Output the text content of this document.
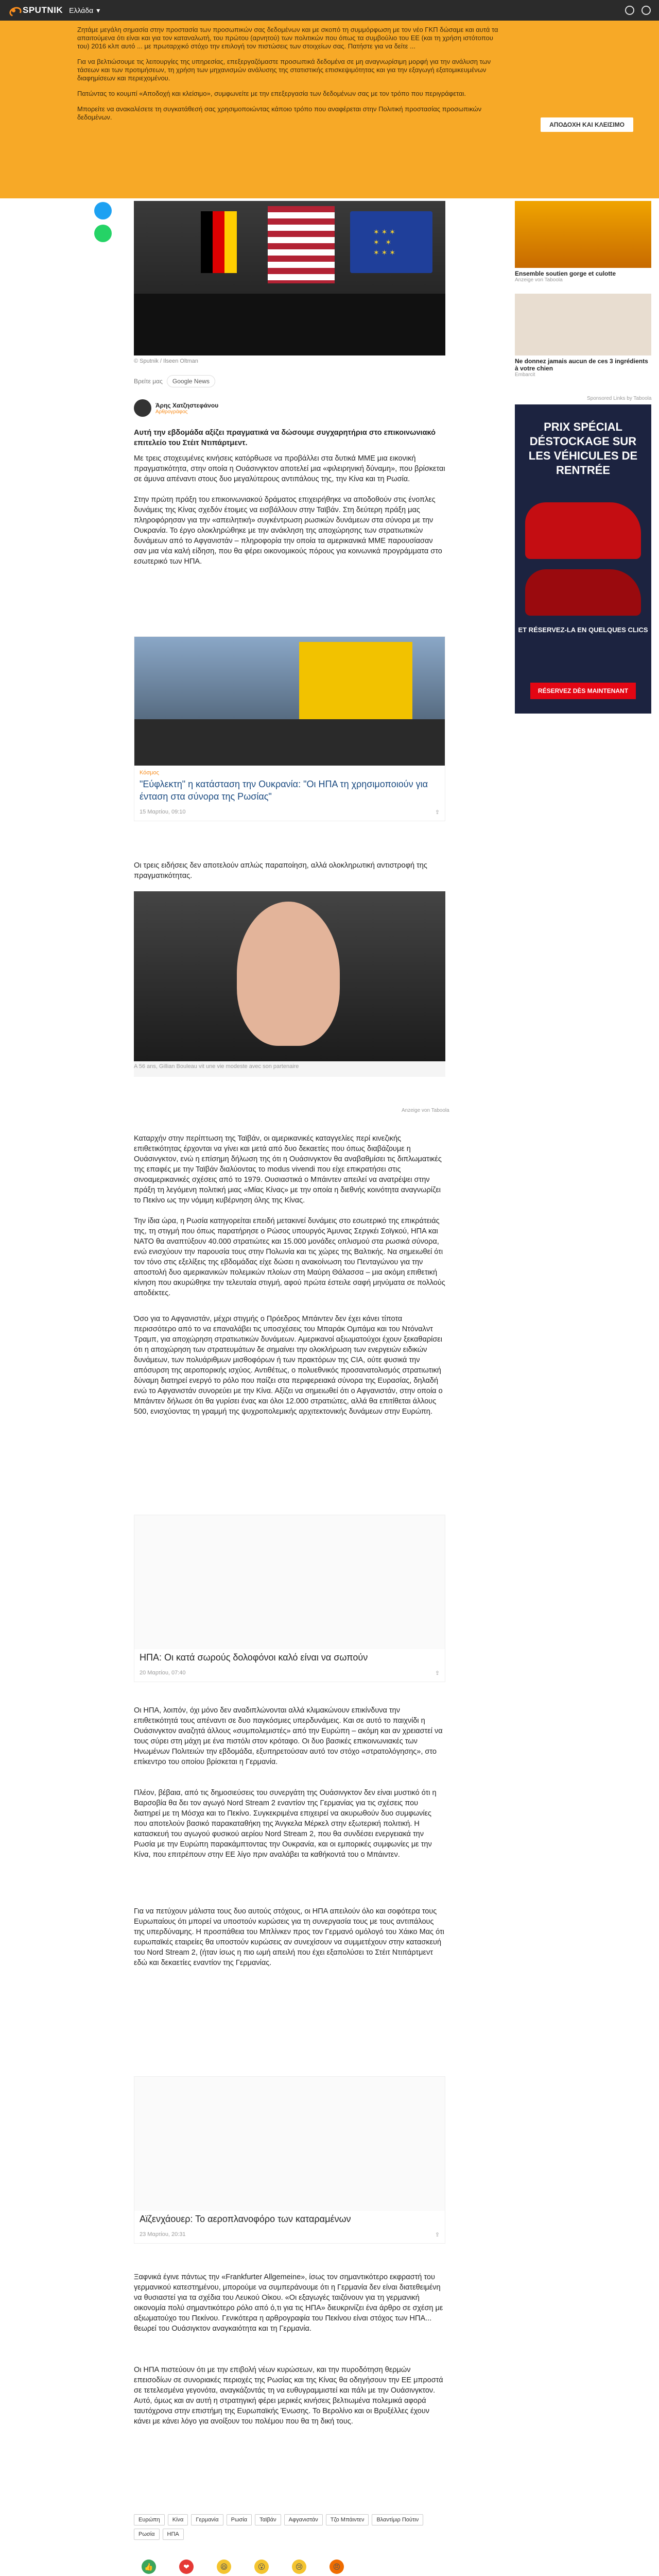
SPUTNIK Ελλάδα ▾

Ζητάμε μεγάλη σημασία στην προστασία των προσωπικών σας δεδομένων και με σκοπό τη συμμόρφωση με τον νέο ΓΚΠ δώσαμε και αυτά τα απαιτούμενα ότι είναι και για τον καταναλωτή, του πρώτου (αρνητού) των πολιτικών που όπως τα συμβούλιο του ΕΕ (και τη χρήση ιστότοπου του) 2016 κλπ αυτό ... με πρωταρχικό στόχο την επιλογή τον πιστώσεις των στοιχείων σας. Πατήστε για να δείτε ...

Για να βελτιώσουμε τις λειτουργίες της υπηρεσίας, επεξεργαζόμαστε προσωπικά δεδομένα σε μη αναγνωρίσιμη μορφή για την ανάλυση των τάσεων και των προτιμήσεων, τη χρήση των μηχανισμών ανάλυσης της στατιστικής επισκεψιμότητας και για την εξαγωγή εξατομικευμένων διαφημίσεων και περιεχομένου.

Πατώντας το κουμπί «Αποδοχή και κλείσιμο», συμφωνείτε με την επεξεργασία των δεδομένων σας με τον τρόπο που περιγράφεται.

Μπορείτε να ανακαλέσετε τη συγκατάθεσή σας χρησιμοποιώντας κάποιο τρόπο που αναφέρεται στην Πολιτική προστασίας προσωπικών δεδομένων.

ΑΠΟΔΟΧΗ ΚΑΙ ΚΛΕΙΣΙΜΟ
✶ ✶ ✶ ✶ ✶ ✶ ✶ ✶
© Sputnik / Ilseen Oltman
Βρείτε μας	Google News
Άρης Χατζηστεφάνου
Αρθρογράφος
Αυτή την εβδομάδα αξίζει πραγματικά να δώσουμε συγχαρητήρια στο επικοινωνιακό επιτελείο του Στέιτ Ντιπάρτμεντ.
Με τρεις στοχευμένες κινήσεις κατόρθωσε να προβάλλει στα δυτικά ΜΜΕ μια εικονική πραγματικότητα, στην οποία η Ουάσινγκτον αποτελεί μια «φιλειρηνική δύναμη», που βρίσκεται σε άμυνα απέναντι στους δυο μεγαλύτερους αντιπάλους της, την Κίνα και τη Ρωσία.
Στην πρώτη πράξη του επικοινωνιακού δράματος επιχειρήθηκε να αποδοθούν στις ένοπλες δυνάμεις της Κίνας σχεδόν έτοιμες να εισβάλλουν στην Ταϊβάν. Στη δεύτερη πράξη μας πληροφόρησαν για την «απειλητική» συγκέντρωση ρωσικών δυνάμεων στα σύνορα με την Ουκρανία. Το έργο ολοκληρώθηκε με την ανάκληση της αποχώρησης των στρατιωτικών δυνάμεων από το Αφγανιστάν – πληροφορία την οποία τα αμερικανικά ΜΜΕ παρουσίασαν σαν μια νέα καλή είδηση, που θα φέρει οικονομικούς πόρους για κοινωνικά προγράμματα στο εσωτερικό των ΗΠΑ.
Κόσμος
"Εύφλεκτη" η κατάσταση την Ουκρανία: "Οι ΗΠΑ τη χρησιμοποιούν για ένταση στα σύνορα της Ρωσίας"
15 Μαρτίου, 09:10	⇪
Οι τρεις ειδήσεις δεν αποτελούν απλώς παραποίηση, αλλά ολοκληρωτική αντιστροφή της πραγματικότητας.
A 56 ans, Gillian Bouleau vit une vie modeste avec son partenaire
Anzeige von Taboola
Καταρχήν στην περίπτωση της Ταϊβάν, οι αμερικανικές καταγγελίες περί κινεζικής επιθετικότητας έρχονται να γίνει και μετά από δυο δεκαετίες που όπως διαβάζουμε η Ουάσινγκτον, ενώ η επίσημη δήλωση της ότι η Ουάσινγκτον θα αναβαθμίσει τις διπλωματικές της επαφές με την Ταϊβάν διαλύοντας το modus vivendi που είχε επικρατήσει στις σινοαμερικανικές σχέσεις από το 1979. Ουσιαστικά ο Μπάιντεν απειλεί να ανατρέψει στην πράξη τη λεγόμενη πολιτική μιας «Μίας Κίνας» με την οποία η διεθνής κοινότητα αναγνωρίζει το Πεκίνο ως την νόμιμη κυβέρνηση όλης της Κίνας.
Την ίδια ώρα, η Ρωσία κατηγορείται επειδή μετακινεί δυνάμεις στο εσωτερικό της επικράτειάς της, τη στιγμή που όπως παρατήρησε ο Ρώσος υπουργός Άμυνας Σεργκέι Σοϊγκού, ΗΠΑ και ΝΑΤΟ θα αναπτύξουν 40.000 στρατιώτες και 15.000 μονάδες οπλισμού στα ρωσικά σύνορα, ενώ ενισχύουν την παρουσία τους στην Πολωνία και τις χώρες της Βαλτικής. Να σημειωθεί ότι τον τόνο στις εξελίξεις της εβδομάδας είχε δώσει η ανακοίνωση του Πενταγώνου για την αποστολή δυο αμερικανικών πολεμικών πλοίων στη Μαύρη Θάλασσα – μια ακόμη επιθετική κίνηση που ακυρώθηκε την τελευταία στιγμή, αφού πρώτα έστειλε σαφή μηνύματα σε πολλούς αποδέκτες.
Όσο για το Αφγανιστάν, μέχρι στιγμής ο Πρόεδρος Μπάιντεν δεν έχει κάνει τίποτα περισσότερο από το να επαναλάβει τις υποσχέσεις του Μπαράκ Ομπάμα και του Ντόναλντ Τραμπ, για αποχώρηση στρατιωτικών δυνάμεων. Αμερικανοί αξιωματούχοι έχουν ξεκαθαρίσει ότι η αποχώρηση των στρατευμάτων δε σημαίνει την ολοκλήρωση των ενεργειών ειδικών δυνάμεων, των πολυάριθμων μισθοφόρων ή των πρακτόρων της CIA, ούτε φυσικά την απόσυρση της αεροπορικής ισχύος. Αντιθέτως, ο πολυεθνικός προσανατολισμός στρατιωτική δύναμη διατηρεί ενεργό το ρόλο που παίζει στα περιφερειακά σύνορα της Ευρασίας, δηλαδή ενώ το Αφγανιστάν συνορεύει με την Κίνα. Αξίζει να σημειωθεί ότι ο Αφγανιστάν, στην οποία ο Μπάιντεν δήλωσε ότι θα γυρίσει ένας και όλοι 12.000 στρατιώτες, αλλά θα επιτίθεται άλλους 500, ενισχύοντας τη γραμμή της ψυχροπολεμικής αρχιτεκτονικής δυνάμεων στην Ευρώπη.
ΗΠΑ: Οι κατά σωρούς δολοφόνοι καλό είναι να σωπούν
20 Μαρτίου, 07:40	⇪
Οι ΗΠΑ, λοιπόν, όχι μόνο δεν αναδιπλώνονται αλλά κλιμακώνουν επικίνδυνα την επιθετικότητά τους απέναντι σε δυο παγκόσμιες υπερδυνάμεις. Και σε αυτό το παιχνίδι η Ουάσινγκτον αναζητά άλλους «συμπολεμιστές» από την Ευρώπη – ακόμη και αν χρειαστεί να τους σύρει στη μάχη με ένα πιστόλι στον κρόταφο. Οι δυο βασικές επικοινωνιακές των Ηνωμένων Πολιτειών την εβδομάδα, εξυπηρετούσαν αυτό τον στόχο «στρατολόγησης», στο επίκεντρο του οποίου βρίσκεται η Γερμανία.
Πλέον, βέβαια, από τις δημοσιεύσεις του συνεργάτη της Ουάσινγκτον δεν είναι μυστικό ότι η Βαρσοβία θα δει τον αγωγό Nord Stream 2 εναντίον της Γερμανίας για τις σχέσεις που διατηρεί με τη Μόσχα και το Πεκίνο. Συγκεκριμένα επιχειρεί να ακυρωθούν δυο συμφωνίες που αποτελούν βασικό παρακαταθήκη της Άνγκελα Μέρκελ στην εξωτερική πολιτική. Η κατασκευή του αγωγού φυσικού αερίου Nord Stream 2, που θα συνδέσει ενεργειακά την Ρωσία με την Ευρώπη παρακάμπτοντας την Ουκρανία, και οι εμπορικές συμφωνίες με την Κίνα, που επιτρέπουν στην ΕΕ λίγο πριν αναλάβει τα καθήκοντά του ο Μπάιντεν.
Για να πετύχουν μάλιστα τους δυο αυτούς στόχους, οι ΗΠΑ απειλούν όλο και σοφότερα τους Ευρωπαίους ότι μπορεί να υποστούν κυρώσεις για τη συνεργασία τους με τους αντιπάλους της υπερδύναμης. Η προσπάθεια του Μπλίνκεν προς τον Γερμανό ομόλογό του Χάικο Μας ότι ευρωπαϊκές εταιρείες θα υποστούν κυρώσεις αν συνεχίσουν να συμμετέχουν στην κατασκευή του Nord Stream 2, (ήταν ίσως η πιο ωμή απειλή που έχει εξαπολύσει το Στέιτ Ντιπάρτμεντ εδώ και δεκαετίες εναντίον της Γερμανίας.
Αϊζενχάουερ: Το αεροπλανοφόρο των καταραμένων
23 Μαρτίου, 20:31	⇪
Ξαφνικά έγινε πάντως την «Frankfurter Allgemeine», ίσως τον σημαντικότερο εκφραστή του γερμανικού κατεστημένου, μπορούμε να συμπεράνουμε ότι η Γερμανία δεν είναι διατεθειμένη να θυσιαστεί για τα σχέδια του Λευκού Οίκου. «Οι εξαγωγές ταιζόνουν για τη γερμανική οικονομία πολύ σημαντικότερο ρόλο από ό,τι για τις ΗΠΑ» διευκρινίζει ένα άρθρο σε σχέση με αξιωματούχο του Πεκίνου. Γενικότερα η αρθρογραφία του Πεκίνου είναι στόχος των ΗΠΑ... θεωρεί του Ουάσιγκτον αναγκαιότητα και τη Γερμανία.
Οι ΗΠΑ πιστεύουν ότι με την επιβολή νέων κυρώσεων, και την πυροδότηση θερμών επεισοδίων σε συνοριακές περιοχές της Ρωσίας και της Κίνας θα οδηγήσουν την ΕΕ μπροστά σε τετελεσμένα γεγονότα, αναγκάζοντάς τη να ευθυγραμμιστεί και πάλι με την Ουάσινγκτον. Αυτό, όμως και αν αυτή η στρατηγική φέρει μερικές κινήσεις βελτιωμένα πολεμικά αφορά ταυτόχρονα στην επιστήμη της Ευρωπαϊκής Ένωσης. Το Βερολίνο και οι Βρυξέλλες έχουν κάνει με κάνει λόγο για ανοίξουν του πολέμου που θα τη δική τους.
Ευρώπη	Κίνα	Γερμανία	Ρωσία	Ταϊβάν	Αφγανιστάν	Τζο Μπάιντεν	Βλαντίμιρ Πούτιν
Ρωσία	ΗΠΑ
👍	❤	😆	😮	😢	😠
Ensemble soutien gorge et culotte
Anzeige von Taboola
Ne donnez jamais aucun de ces 3 ingrédients à votre chien
Embarcit
Sponsored Links by Taboola
PRIX SPÉCIAL DÉSTOCKAGE SUR LES VÉHICULES DE RENTRÉE
ET RÉSERVEZ-LA EN QUELQUES CLICS
RÉSERVEZ DÈS MAINTENANT
